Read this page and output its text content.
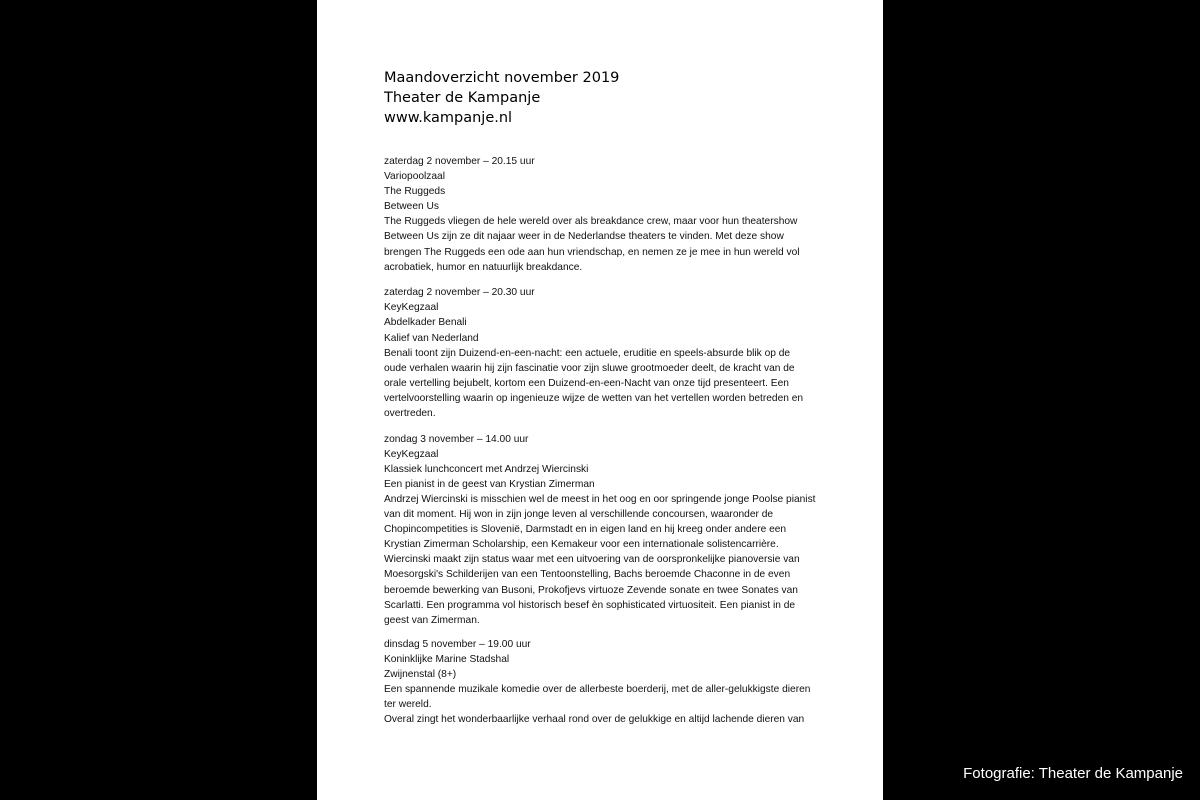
Maandoverzicht november 2019
Theater de Kampanje
www.kampanje.nl
zaterdag 2 november – 20.15 uur
Variopoolzaal
The Ruggeds
Between Us
The Ruggeds vliegen de hele wereld over als breakdance crew, maar voor hun theatershow
Between Us zijn ze dit najaar weer in de Nederlandse theaters te vinden. Met deze show
brengen The Ruggeds een ode aan hun vriendschap, en nemen ze je mee in hun wereld vol
acrobatiek, humor en natuurlijk breakdance.
zaterdag 2 november – 20.30 uur
KeyKegzaal
Abdelkader Benali
Kalief van Nederland
Benali toont zijn Duizend-en-een-nacht: een actuele, eruditie en speels-absurde blik op de
oude verhalen waarin hij zijn fascinatie voor zijn sluwe grootmoeder deelt, de kracht van de
orale vertelling bejubelt, kortom een Duizend-en-een-Nacht van onze tijd presenteert. Een
vertelvoorstelling waarin op ingenieuze wijze de wetten van het vertellen worden betreden en
overtreden.
zondag 3 november – 14.00 uur
KeyKegzaal
Klassiek lunchconcert met Andrzej Wiercinski
Een pianist in de geest van Krystian Zimerman
Andrzej Wiercinski is misschien wel de meest in het oog en oor springende jonge Poolse pianist
van dit moment. Hij won in zijn jonge leven al verschillende concoursen, waaronder de
Chopincompetities is Slovenië, Darmstadt en in eigen land en hij kreeg onder andere een
Krystian Zimerman Scholarship, een Kemakeur voor een internationale solistencarrière.
Wiercinski maakt zijn status waar met een uitvoering van de oorspronkelijke pianoversie van
Moesorgski's Schilderijen van een Tentoonstelling, Bachs beroemde Chaconne in de even
beroemde bewerking van Busoni, Prokofjevs virtuoze Zevende sonate en twee Sonates van
Scarlatti. Een programma vol historisch besef èn sophisticated virtuositeit. Een pianist in de
geest van Zimerman.
dinsdag 5 november – 19.00 uur
Koninklijke Marine Stadshal
Zwijnenstal (8+)
Een spannende muzikale komedie over de allerbeste boerderij, met de aller-gelukkigste dieren
ter wereld.
Overal zingt het wonderbaarlijke verhaal rond over de gelukkige en altijd lachende dieren van
Fotografie: Theater de Kampanje
